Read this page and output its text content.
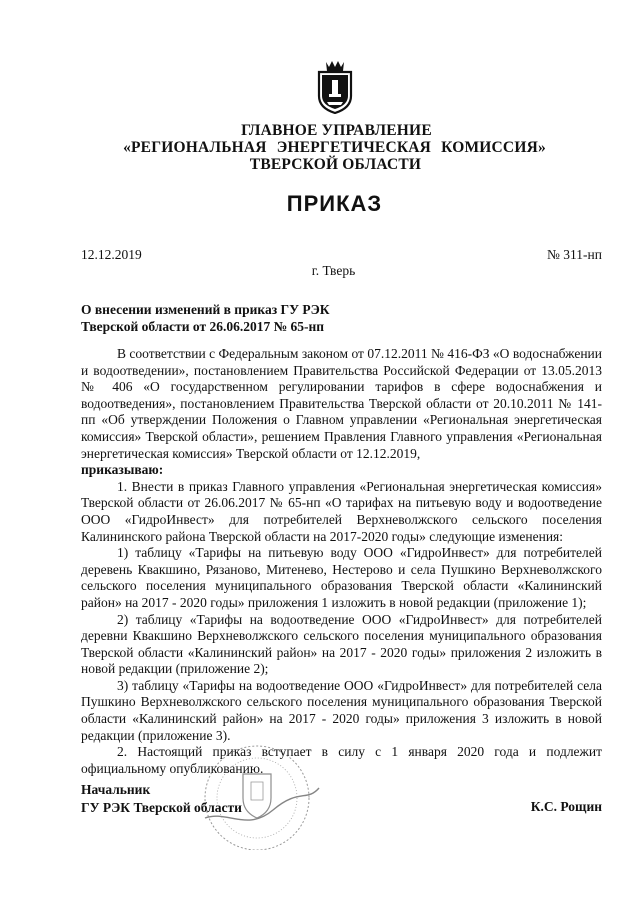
ГЛАВНОЕ УПРАВЛЕНИЕ
«РЕГИОНАЛЬНАЯ ЭНЕРГЕТИЧЕСКАЯ КОМИССИЯ»
ТВЕРСКОЙ ОБЛАСТИ
ПРИКАЗ
12.12.2019	№ 311-нп
г. Тверь
О внесении изменений в приказ ГУ РЭК
Тверской области от 26.06.2017 № 65-нп

В соответствии с Федеральным законом от 07.12.2011 № 416-ФЗ «О водоснабжении и водоотведении», постановлением Правительства Российской Федерации от 13.05.2013 № 406 «О государственном регулировании тарифов в сфере водоснабжения и водоотведения», постановлением Правительства Тверской области от 20.10.2011 № 141-пп «Об утверждении Положения о Главном управлении «Региональная энергетическая комиссия» Тверской области», решением Правления Главного управления «Региональная энергетическая комиссия» Тверской области от 12.12.2019,

приказываю:

1. Внести в приказ Главного управления «Региональная энергетическая комиссия» Тверской области от 26.06.2017 № 65-нп «О тарифах на питьевую воду и водоотведение ООО «ГидроИнвест» для потребителей Верхневолжского сельского поселения Калининского района Тверской области на 2017-2020 годы» следующие изменения:

1) таблицу «Тарифы на питьевую воду ООО «ГидроИнвест» для потребителей деревень Квакшино, Рязаново, Митенево, Нестерово и села Пушкино Верхневолжского сельского поселения муниципального образования Тверской области «Калининский район» на 2017 - 2020 годы» приложения 1 изложить в новой редакции (приложение 1);

2) таблицу «Тарифы на водоотведение ООО «ГидроИнвест» для потребителей деревни Квакшино Верхневолжского сельского поселения муниципального образования Тверской области «Калининский район» на 2017 - 2020 годы» приложения 2 изложить в новой редакции (приложение 2);

3) таблицу «Тарифы на водоотведение ООО «ГидроИнвест» для потребителей села Пушкино Верхневолжского сельского поселения муниципального образования Тверской области «Калининский район» на 2017 - 2020 годы» приложения 3 изложить в новой редакции (приложение 3).

2. Настоящий приказ вступает в силу с 1 января 2020 года и подлежит официальному опубликованию.

Начальник
ГУ РЭК Тверской области	К.С. Рощин
